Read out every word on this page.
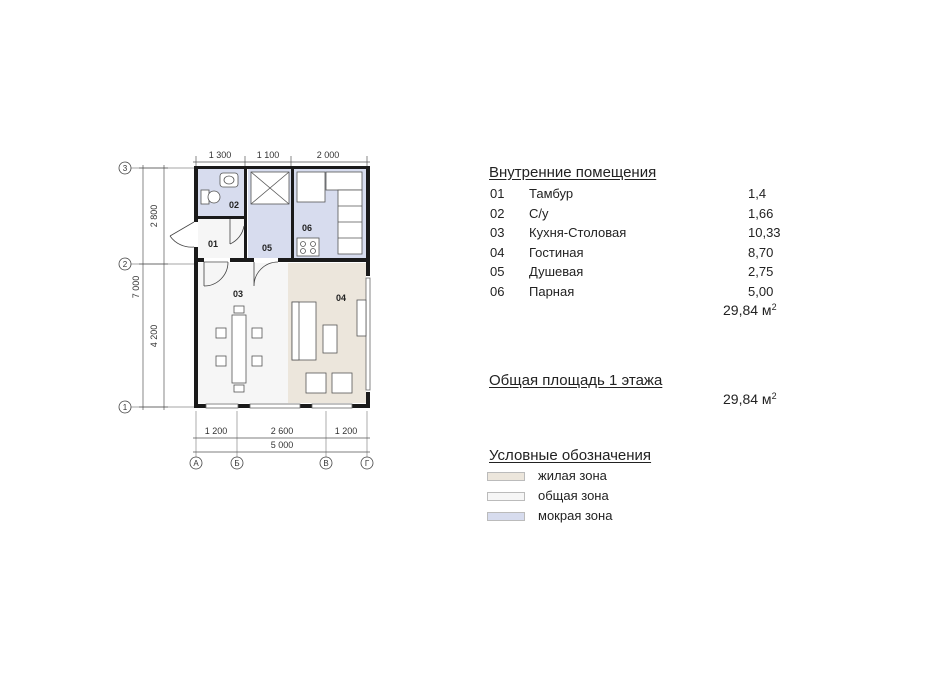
1 300	1 100	2 000
1 200	2 600	1 200
5 000
2 800
4 200
7 000
3
2
1
А	Б	В	Г
01
02
03	04
05
06
Внутренние помещения
01 Тамбур	1,4
02 С/у	1,66
03 Кухня-Столовая	10,33
04 Гостиная	8,70
05 Душевая	2,75
06 Парная	5,00
29,84 $м^2$
Общая площадь 1 этажа
29,84 $м^2$
Условные обозначения
жилая зона
общая зона
мокрая зона
